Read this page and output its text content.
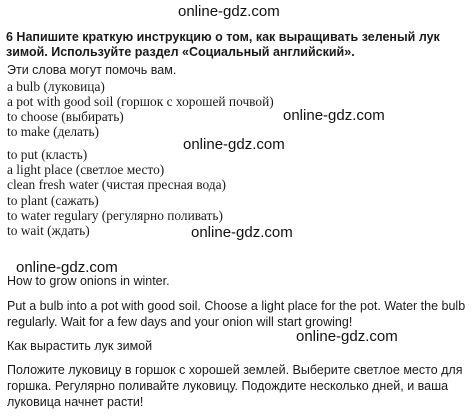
online-gdz.com
online-gdz.com
online-gdz.com
online-gdz.com
online-gdz.com
online-gdz.com

6 Напишите краткую инструкцию о том, как выращивать зеленый лук зимой. Используйте раздел «Социальный английский».

Эти слова могут помочь вам.
a bulb (луковица)
a pot with good soil (горшок с хорошей почвой)
to choose (выбирать)
to make (делать)
to put (класть)
a light place (светлое место)
clean fresh water (чистая пресная вода)
to plant (сажать)
to water regulary (регулярно поливать)
to wait (ждать)
How to grow onions in winter.

Put a bulb into a pot with good soil. Choose a light place for the pot. Water the bulb regularly. Wait for a few days and your onion will start growing!

Как вырастить лук зимой

Положите луковицу в горшок с хорошей землей. Выберите светлое место для горшка. Регулярно поливайте луковицу. Подождите несколько дней, и ваша луковица начнет расти!
